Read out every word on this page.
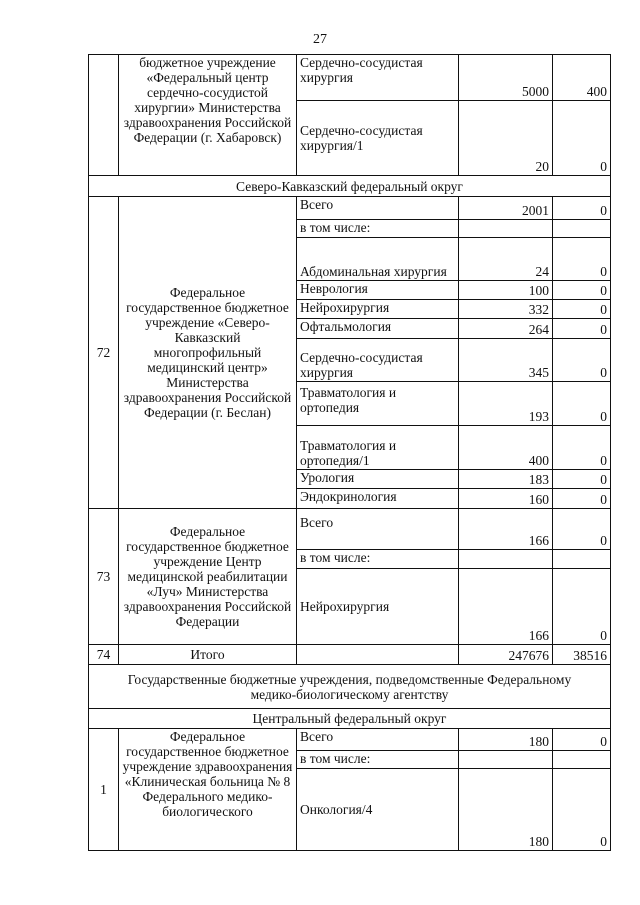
27
	бюджетное учреждение «Федеральный центр сердечно-сосудистой хирургии» Министерства здравоохранения Российской Федерации (г. Хабаровск)	Сердечно-сосудистая хирургия	5000	400
		Сердечно-сосудистая хирургия/1	20	0
Северо-Кавказский федеральный округ				
72	Федеральное государственное бюджетное учреждение «Северо-Кавказский многопрофильный медицинский центр» Министерства здравоохранения Российской Федерации (г. Беслан)	Всего	2001	0
		в том числе:		
		Абдоминальная хирургия	24	0
		Неврология	100	0
		Нейрохирургия	332	0
		Офтальмология	264	0
		Сердечно-сосудистая хирургия	345	0
		Травматология и ортопедия	193	0
		Травматология и ортопедия/1	400	0
		Урология	183	0
		Эндокринология	160	0
73	Федеральное государственное бюджетное учреждение Центр медицинской реабилитации «Луч» Министерства здравоохранения Российской Федерации	Всего	166	0
		в том числе:		
		Нейрохирургия	166	0
74	Итого		247676	38516
Государственные бюджетные учреждения, подведомственные Федеральному медико-биологическому агентству				
Центральный федеральный округ				
1	Федеральное государственное бюджетное учреждение здравоохранения «Клиническая больница № 8 Федерального медико-биологического	Всего	180	0
		в том числе:		
		Онкология/4	180	0
